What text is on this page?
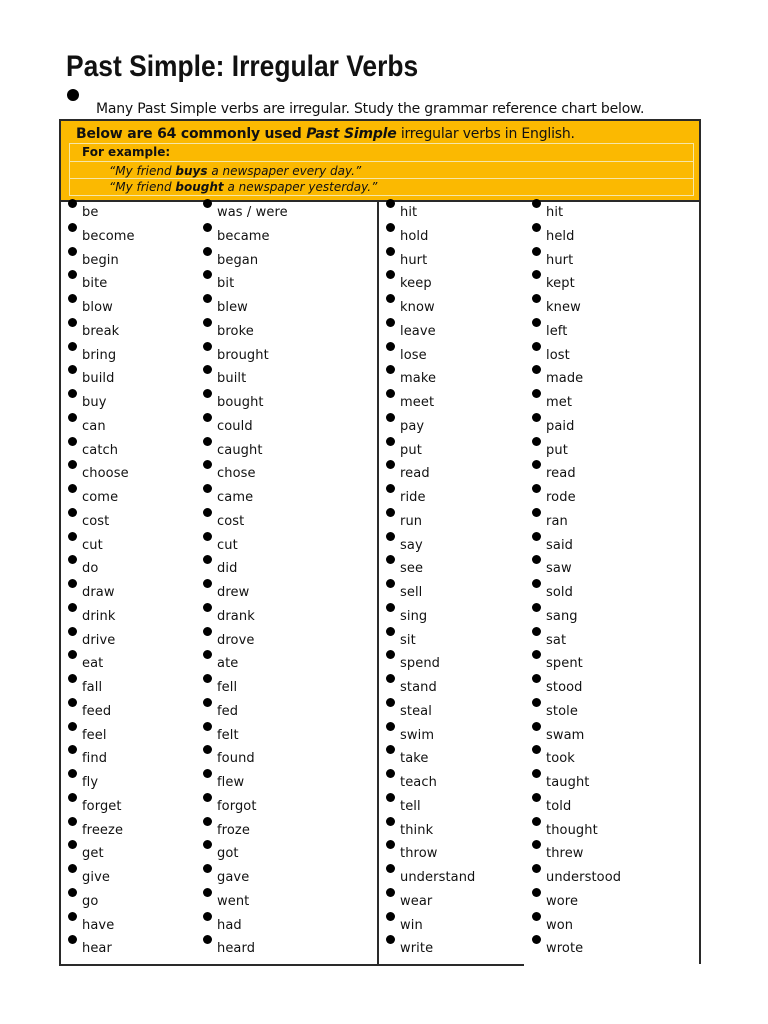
Past Simple: Irregular Verbs
Many Past Simple verbs are irregular. Study the grammar reference chart below.
Below are 64 commonly used Past Simple irregular verbs in English.
For example:
“My friend buys a newspaper every day.”
“My friend bought a newspaper yesterday.”
be
become
begin
bite
blow
break
bring
build
buy
can
catch
choose
come
cost
cut
do
draw
drink
drive
eat
fall
feed
feel
find
fly
forget
freeze
get
give
go
have
hear
was / were
became
began
bit
blew
broke
brought
built
bought
could
caught
chose
came
cost
cut
did
drew
drank
drove
ate
fell
fed
felt
found
flew
forgot
froze
got
gave
went
had
heard
hit
hold
hurt
keep
know
leave
lose
make
meet
pay
put
read
ride
run
say
see
sell
sing
sit
spend
stand
steal
swim
take
teach
tell
think
throw
understand
wear
win
write
hit
held
hurt
kept
knew
left
lost
made
met
paid
put
read
rode
ran
said
saw
sold
sang
sat
spent
stood
stole
swam
took
taught
told
thought
threw
understood
wore
won
wrote
